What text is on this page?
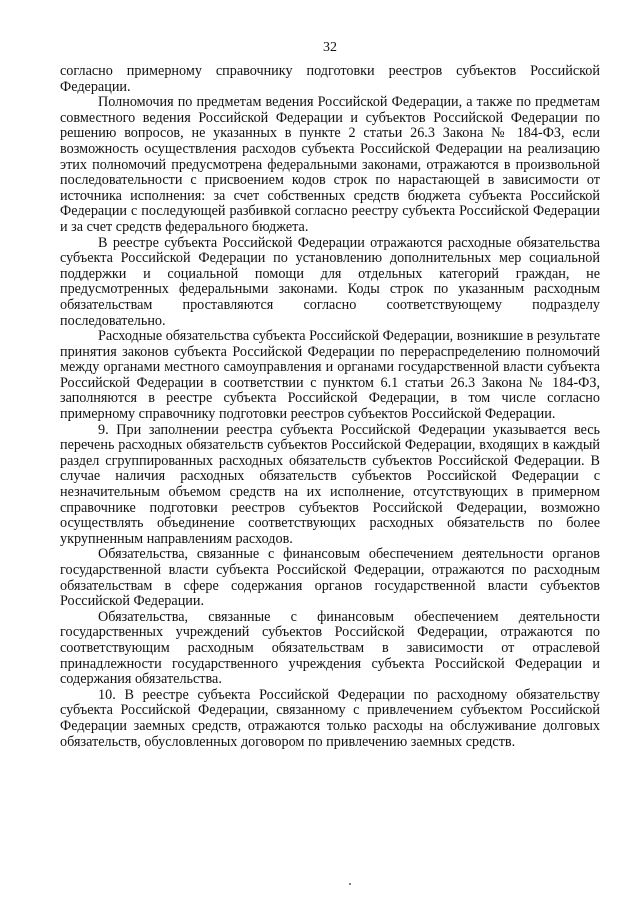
32

согласно примерному справочнику подготовки реестров субъектов Российской Федерации.

Полномочия по предметам ведения Российской Федерации, а также по предметам совместного ведения Российской Федерации и субъектов Российской Федерации по решению вопросов, не указанных в пункте 2 статьи 26.3 Закона № 184-ФЗ, если возможность осуществления расходов субъекта Российской Федерации на реализацию этих полномочий предусмотрена федеральными законами, отражаются в произвольной последовательности с присвоением кодов строк по нарастающей в зависимости от источника исполнения: за счет собственных средств бюджета субъекта Российской Федерации с последующей разбивкой согласно реестру субъекта Российской Федерации и за счет средств федерального бюджета.

В реестре субъекта Российской Федерации отражаются расходные обязательства субъекта Российской Федерации по установлению дополнительных мер социальной поддержки и социальной помощи для отдельных категорий граждан, не предусмотренных федеральными законами. Коды строк по указанным расходным обязательствам проставляются согласно соответствующему подразделу последовательно.

Расходные обязательства субъекта Российской Федерации, возникшие в результате принятия законов субъекта Российской Федерации по перераспределению полномочий между органами местного самоуправления и органами государственной власти субъекта Российской Федерации в соответствии с пунктом 6.1 статьи 26.3 Закона № 184-ФЗ, заполняются в реестре субъекта Российской Федерации, в том числе согласно примерному справочнику подготовки реестров субъектов Российской Федерации.

9. При заполнении реестра субъекта Российской Федерации указывается весь перечень расходных обязательств субъектов Российской Федерации, входящих в каждый раздел сгруппированных расходных обязательств субъектов Российской Федерации. В случае наличия расходных обязательств субъектов Российской Федерации с незначительным объемом средств на их исполнение, отсутствующих в примерном справочнике подготовки реестров субъектов Российской Федерации, возможно осуществлять объединение соответствующих расходных обязательств по более укрупненным направлениям расходов.

Обязательства, связанные с финансовым обеспечением деятельности органов государственной власти субъекта Российской Федерации, отражаются по расходным обязательствам в сфере содержания органов государственной власти субъектов Российской Федерации.

Обязательства, связанные с финансовым обеспечением деятельности государственных учреждений субъектов Российской Федерации, отражаются по соответствующим расходным обязательствам в зависимости от отраслевой принадлежности государственного учреждения субъекта Российской Федерации и содержания обязательства.

10. В реестре субъекта Российской Федерации по расходному обязательству субъекта Российской Федерации, связанному с привлечением субъектом Российской Федерации заемных средств, отражаются только расходы на обслуживание долговых обязательств, обусловленных договором по привлечению заемных средств.
